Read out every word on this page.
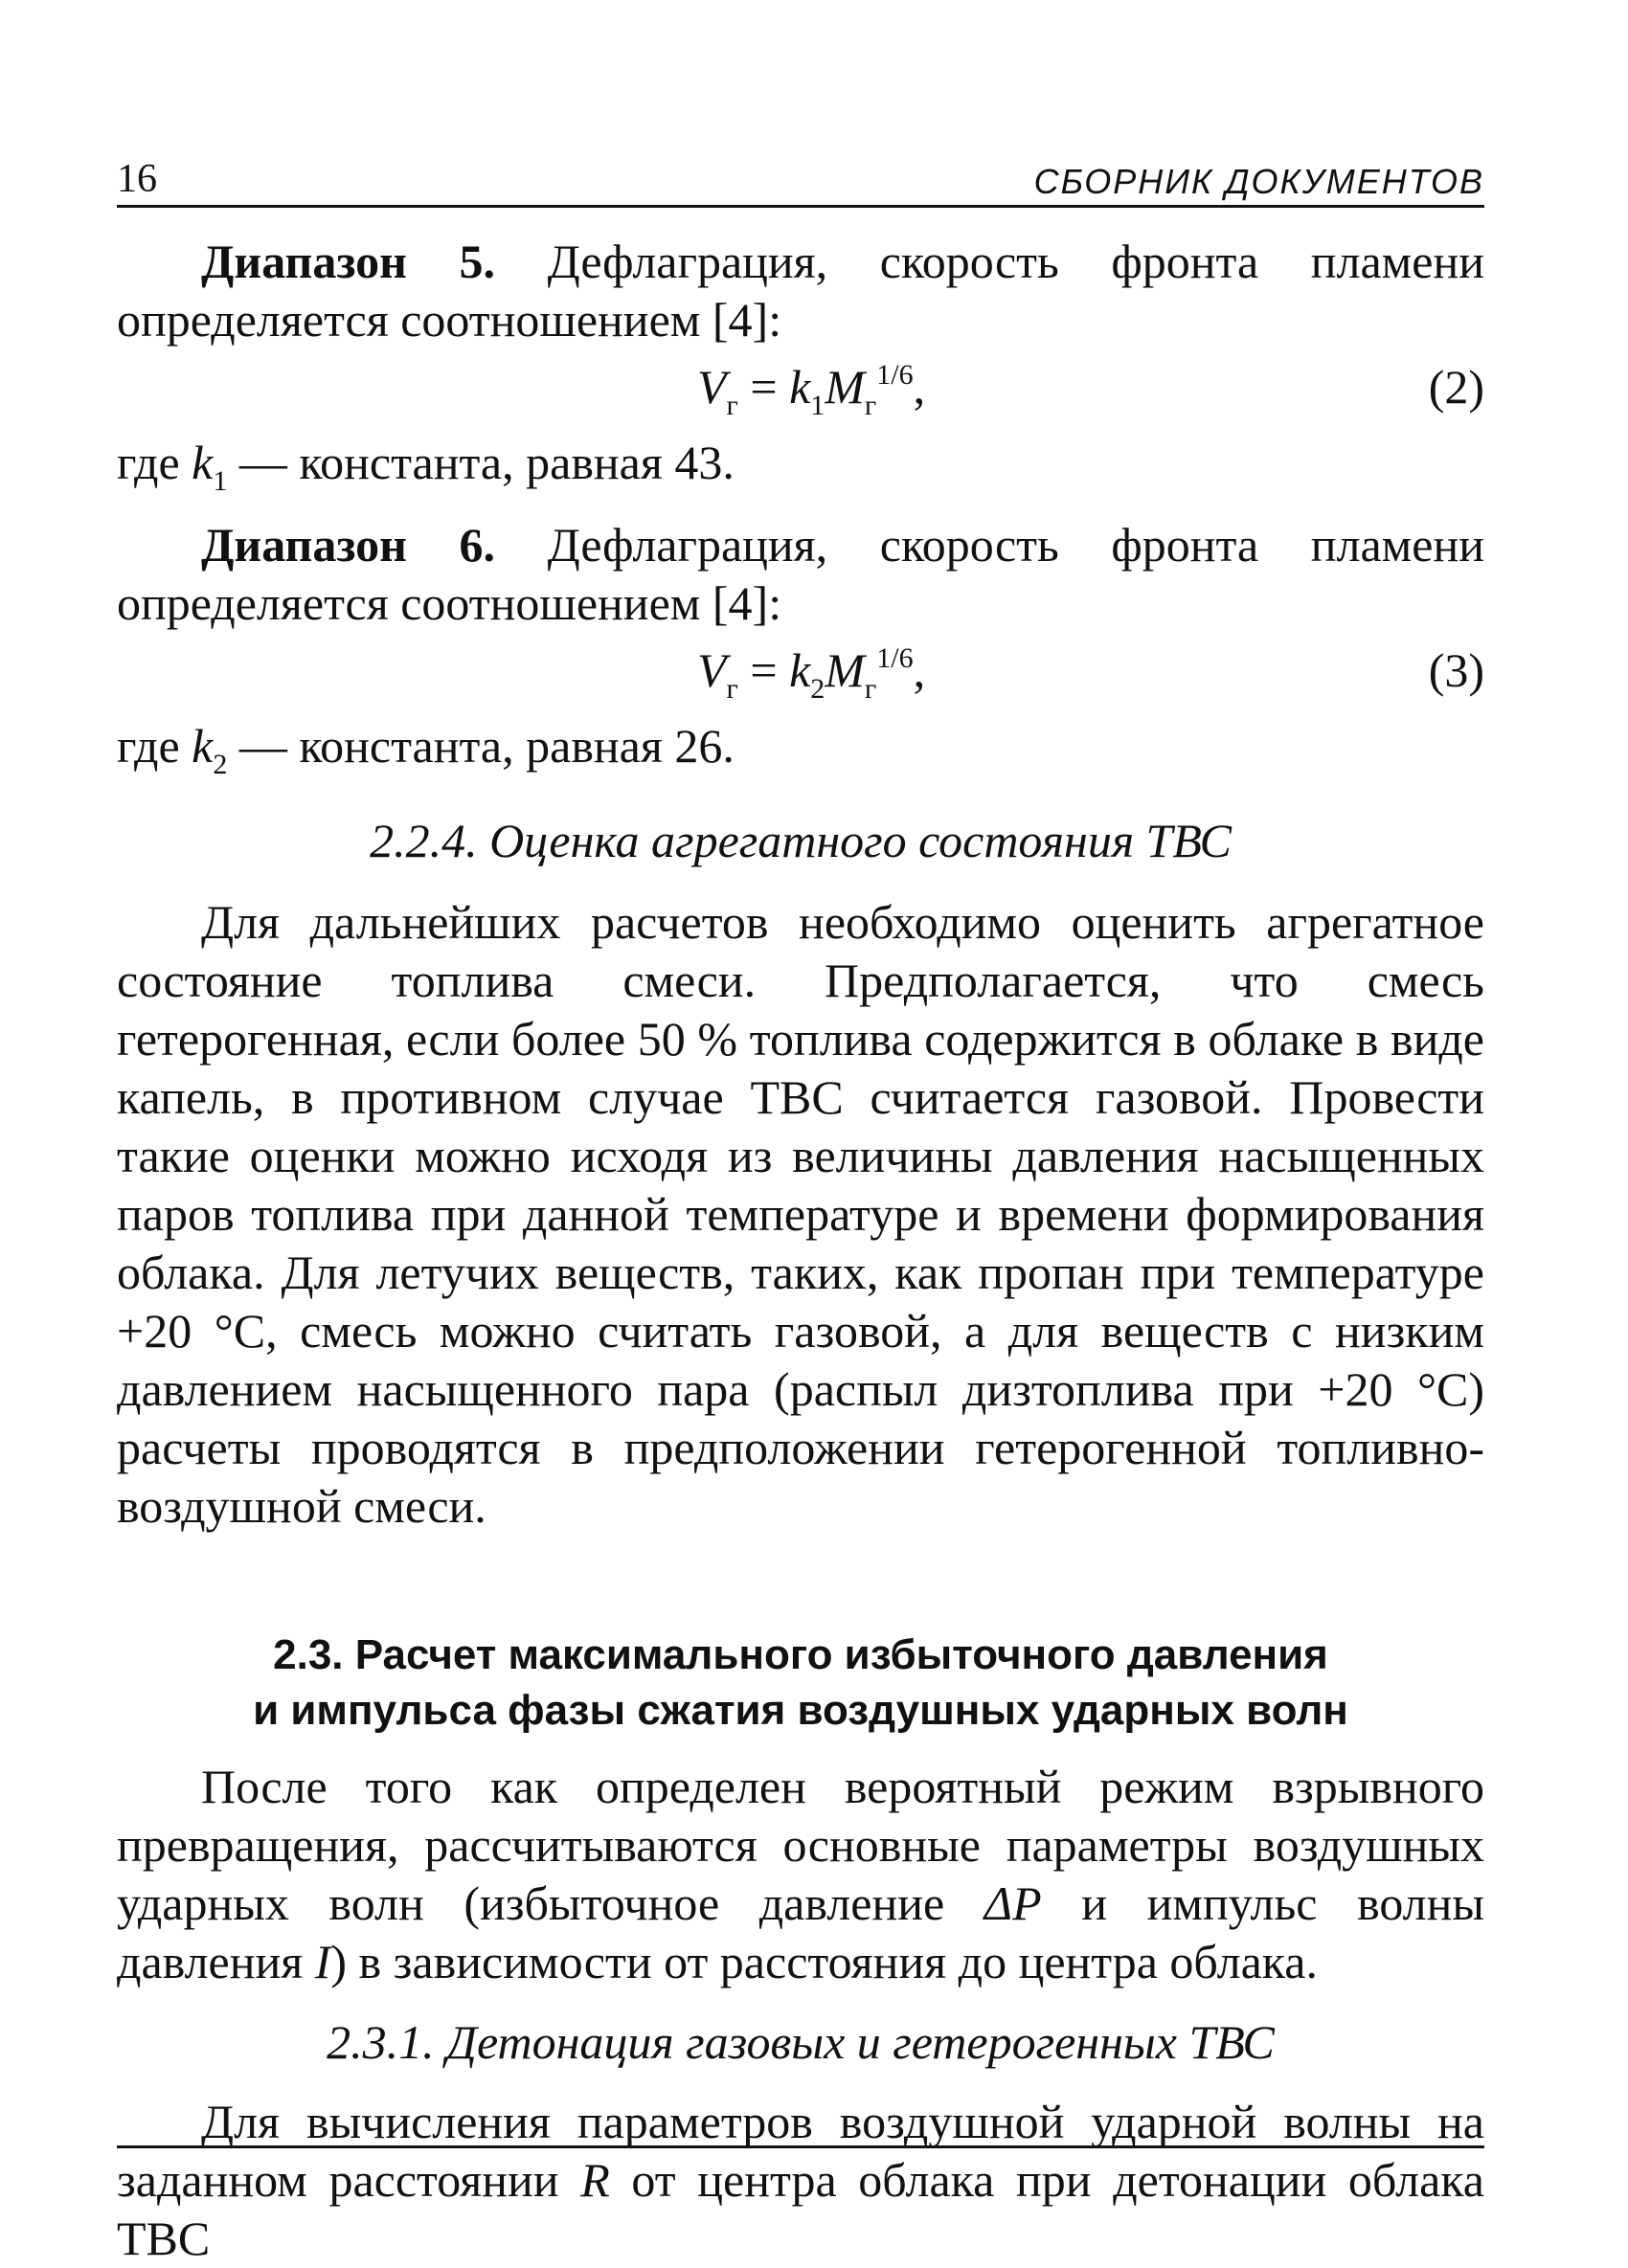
16	СБОРНИК ДОКУМЕНТОВ

Диапазон 5. Дефлаграция, скорость фронта пламени определяется соотношением [4]:

$V_г = k_1M_г^{1/6}$,	(2)

где $k_1$ — константа, равная 43.

Диапазон 6. Дефлаграция, скорость фронта пламени определяется соотношением [4]:

$V_г = k_2M_г^{1/6}$,	(3)

где $k_2$ — константа, равная 26.

2.2.4. Оценка агрегатного состояния ТВС

Для дальнейших расчетов необходимо оценить агрегатное состояние топлива смеси. Предполагается, что смесь гетерогенная, если более 50 % топлива содержится в облаке в виде капель, в противном случае ТВС считается газовой. Провести такие оценки можно исходя из величины давления насыщенных паров топлива при данной температуре и времени формирования облака. Для летучих веществ, таких, как пропан при температуре +20 °С, смесь можно считать газовой, а для веществ с низким давлением насыщенного пара (распыл дизтоплива при +20 °С) расчеты проводятся в предположении гетерогенной топливно-воздушной смеси.

2.3. Расчет максимального избыточного давления

и импульса фазы сжатия воздушных ударных волн

После того как определен вероятный режим взрывного превращения, рассчитываются основные параметры воздушных ударных волн (избыточное давление ΔP и импульс волны давления I) в зависимости от расстояния до центра облака.

2.3.1. Детонация газовых и гетерогенных ТВС

Для вычисления параметров воздушной ударной волны на заданном расстоянии R от центра облака при детонации облака ТВС
